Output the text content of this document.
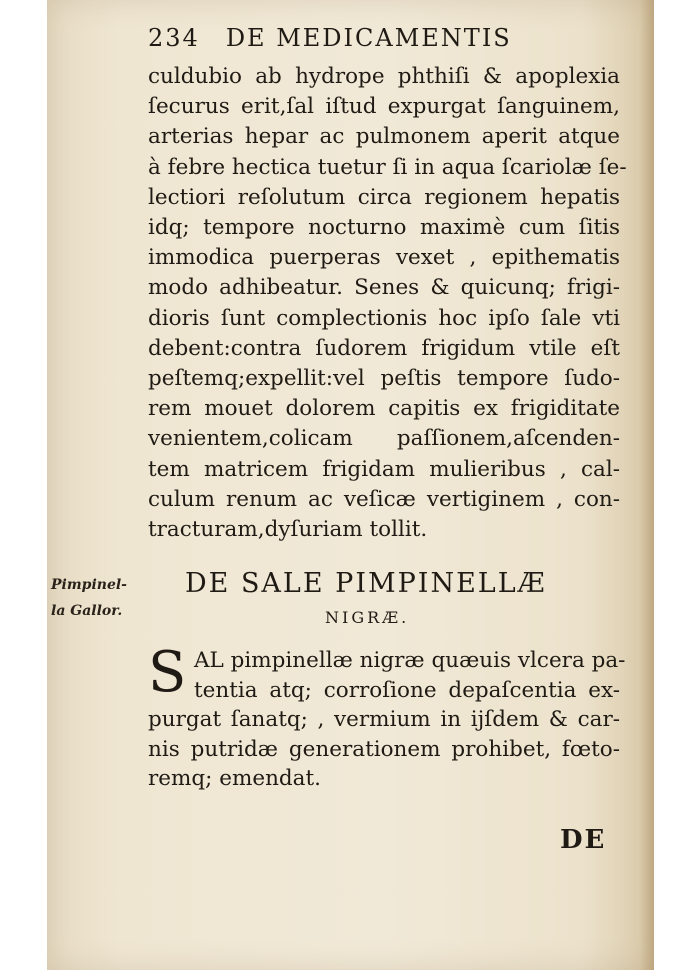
234 DE MEDICAMENTIS
culdubio ab hydrope phthiſi & apoplexia
ſecurus erit,ſal iſtud expurgat ſanguinem,
arterias hepar ac pulmonem aperit atque
à febre hectica tuetur ſi in aqua ſcariolæ ſe-
lectiori reſolutum circa regionem hepatis
idq; tempore nocturno maximè cum ſitis
immodica puerperas vexet , epithematis
modo adhibeatur. Senes & quicunq; frigi-
dioris ſunt complectionis hoc ipſo ſale vti
debent:contra ſudorem frigidum vtile eſt
peſtemq;expellit:vel peſtis tempore ſudo-
rem mouet dolorem capitis ex frigiditate
venientem,colicam paſſionem,aſcenden-
tem matricem frigidam mulieribus , cal-
culum renum ac veſicæ vertiginem , con-
tracturam,dyſuriam tollit.
Pimpinel-
la Gallor.
DE SALE PIMPINELLÆ
NIGRÆ.
S AL pimpinellæ nigræ quæuis vlcera pa-
tentia atq; corroſione depaſcentia ex-
purgat ſanatq; , vermium in ijſdem & car-
nis putridæ generationem prohibet, fœto-
remq; emendat.
DE
